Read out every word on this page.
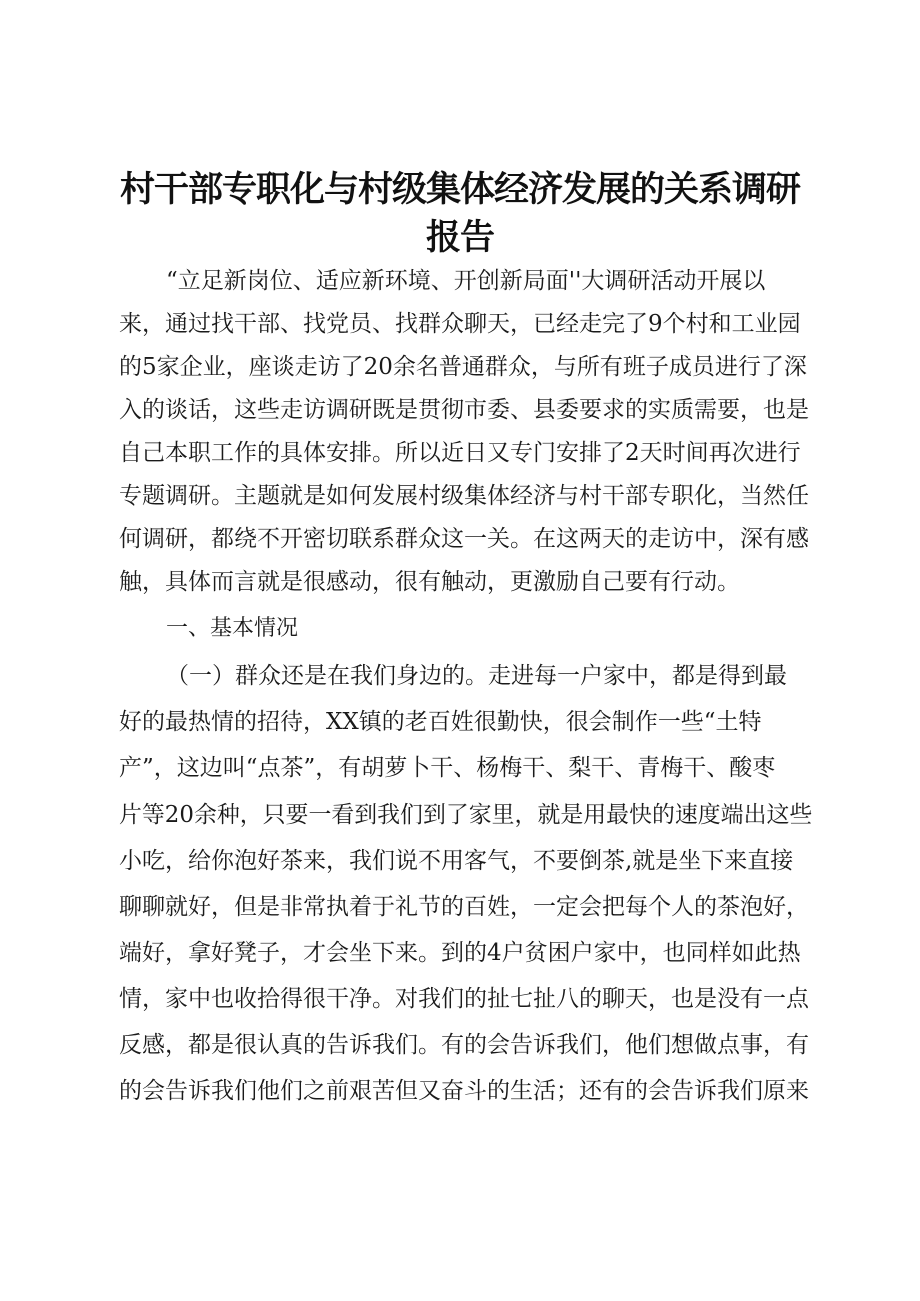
村干部专职化与村级集体经济发展的关系调研
报告
“立足新岗位、适应新环境、开创新局面''大调研活动开展以
来，通过找干部、找党员、找群众聊天，已经走完了9个村和工业园
的5家企业，座谈走访了20余名普通群众，与所有班子成员进行了深
入的谈话，这些走访调研既是贯彻市委、县委要求的实质需要，也是
自己本职工作的具体安排。所以近日又专门安排了2天时间再次进行
专题调研。主题就是如何发展村级集体经济与村干部专职化，当然任
何调研，都绕不开密切联系群众这一关。在这两天的走访中，深有感
触，具体而言就是很感动，很有触动，更激励自己要有行动。
一、基本情况
（一）群众还是在我们身边的。走进每一户家中，都是得到最
好的最热情的招待，XX镇的老百姓很勤快，很会制作一些“土特
产”，这边叫“点茶”，有胡萝卜干、杨梅干、梨干、青梅干、酸枣
片等20余种，只要一看到我们到了家里，就是用最快的速度端出这些
小吃，给你泡好茶来，我们说不用客气，不要倒茶,就是坐下来直接
聊聊就好，但是非常执着于礼节的百姓，一定会把每个人的茶泡好，
端好，拿好凳子，才会坐下来。到的4户贫困户家中，也同样如此热
情，家中也收拾得很干净。对我们的扯七扯八的聊天，也是没有一点
反感，都是很认真的告诉我们。有的会告诉我们，他们想做点事，有
的会告诉我们他们之前艰苦但又奋斗的生活；还有的会告诉我们原来
